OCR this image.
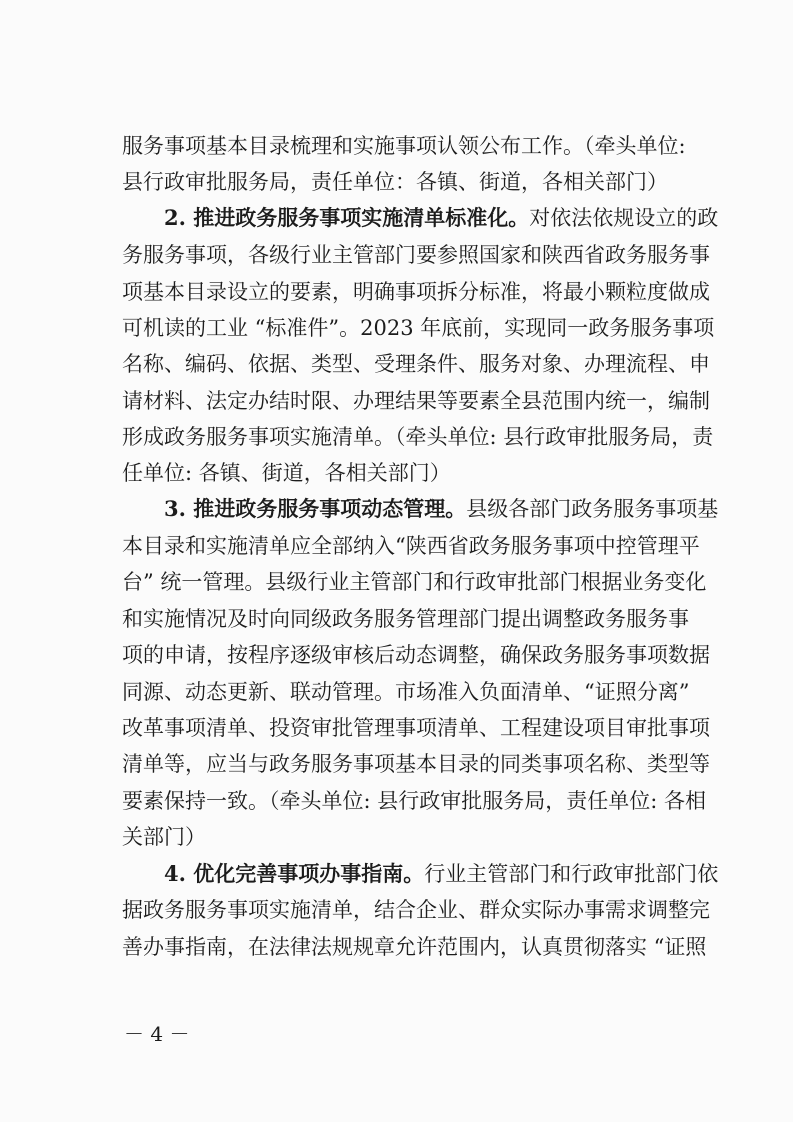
服务事项基本目录梳理和实施事项认领公布工作。（牵头单位:
县行政审批服务局，责任单位：各镇、街道，各相关部门）
2. 推进政务服务事项实施清单标准化。对依法依规设立的政
务服务事项，各级行业主管部门要参照国家和陕西省政务服务事
项基本目录设立的要素，明确事项拆分标准，将最小颗粒度做成
可机读的工业 “标准件”。2023 年底前，实现同一政务服务事项
名称、编码、依据、类型、受理条件、服务对象、办理流程、申
请材料、法定办结时限、办理结果等要素全县范围内统一，编制
形成政务服务事项实施清单。（牵头单位: 县行政审批服务局，责
任单位: 各镇、街道，各相关部门）
3. 推进政务服务事项动态管理。县级各部门政务服务事项基
本目录和实施清单应全部纳入“陕西省政务服务事项中控管理平
台” 统一管理。县级行业主管部门和行政审批部门根据业务变化
和实施情况及时向同级政务服务管理部门提出调整政务服务事
项的申请，按程序逐级审核后动态调整，确保政务服务事项数据
同源、动态更新、联动管理。市场准入负面清单、“证照分离”
改革事项清单、投资审批管理事项清单、工程建设项目审批事项
清单等，应当与政务服务事项基本目录的同类事项名称、类型等
要素保持一致。（牵头单位: 县行政审批服务局，责任单位: 各相
关部门）
4. 优化完善事项办事指南。行业主管部门和行政审批部门依
据政务服务事项实施清单，结合企业、群众实际办事需求调整完
善办事指南，在法律法规规章允许范围内，认真贯彻落实 “证照
－ 4 －
